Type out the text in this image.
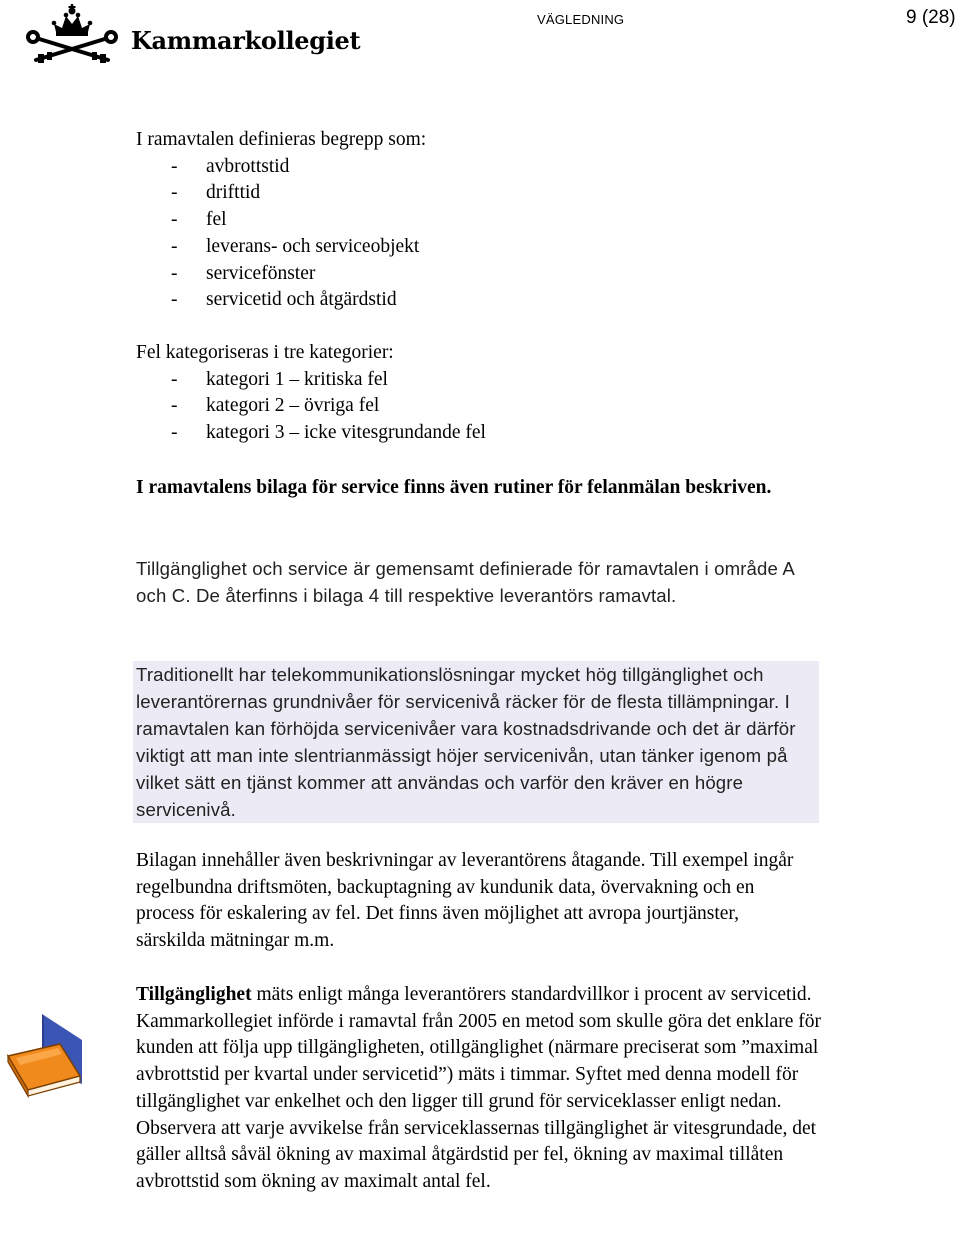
Kammarkollegiet
VÄGLEDNING	9 (28)

I ramavtalen definieras begrepp som:

- avbrottstid
- drifttid
- fel
- leverans- och serviceobjekt
- servicefönster
- servicetid och åtgärdstid

Fel kategoriseras i tre kategorier:

- kategori 1 – kritiska fel
- kategori 2 – övriga fel
- kategori 3 – icke vitesgrundande fel

I ramavtalens bilaga för service finns även rutiner för felanmälan beskriven.

Tillgänglighet och service är gemensamt definierade för ramavtalen i område A och C. De återfinns i bilaga 4 till respektive leverantörs ramavtal.

Traditionellt har telekommunikationslösningar mycket hög tillgänglighet och leverantörernas grundnivåer för servicenivå räcker för de flesta tillämpningar. I ramavtalen kan förhöjda servicenivåer vara kostnadsdrivande och det är därför viktigt att man inte slentrianmässigt höjer servicenivån, utan tänker igenom på vilket sätt en tjänst kommer att användas och varför den kräver en högre servicenivå.

Bilagan innehåller även beskrivningar av leverantörens åtagande. Till exempel ingår regelbundna driftsmöten, backuptagning av kundunik data, övervakning och en process för eskalering av fel. Det finns även möjlighet att avropa jourtjänster, särskilda mätningar m.m.

Tillgänglighet mäts enligt många leverantörers standardvillkor i procent av servicetid. Kammarkollegiet införde i ramavtal från 2005 en metod som skulle göra det enklare för kunden att följa upp tillgängligheten, otillgänglighet (närmare preciserat som ”maximal avbrottstid per kvartal under servicetid”) mäts i timmar. Syftet med denna modell för tillgänglighet var enkelhet och den ligger till grund för serviceklasser enligt nedan. Observera att varje avvikelse från serviceklassernas tillgänglighet är vitesgrundade, det gäller alltså såväl ökning av maximal åtgärdstid per fel, ökning av maximal tillåten avbrottstid som ökning av maximalt antal fel.
